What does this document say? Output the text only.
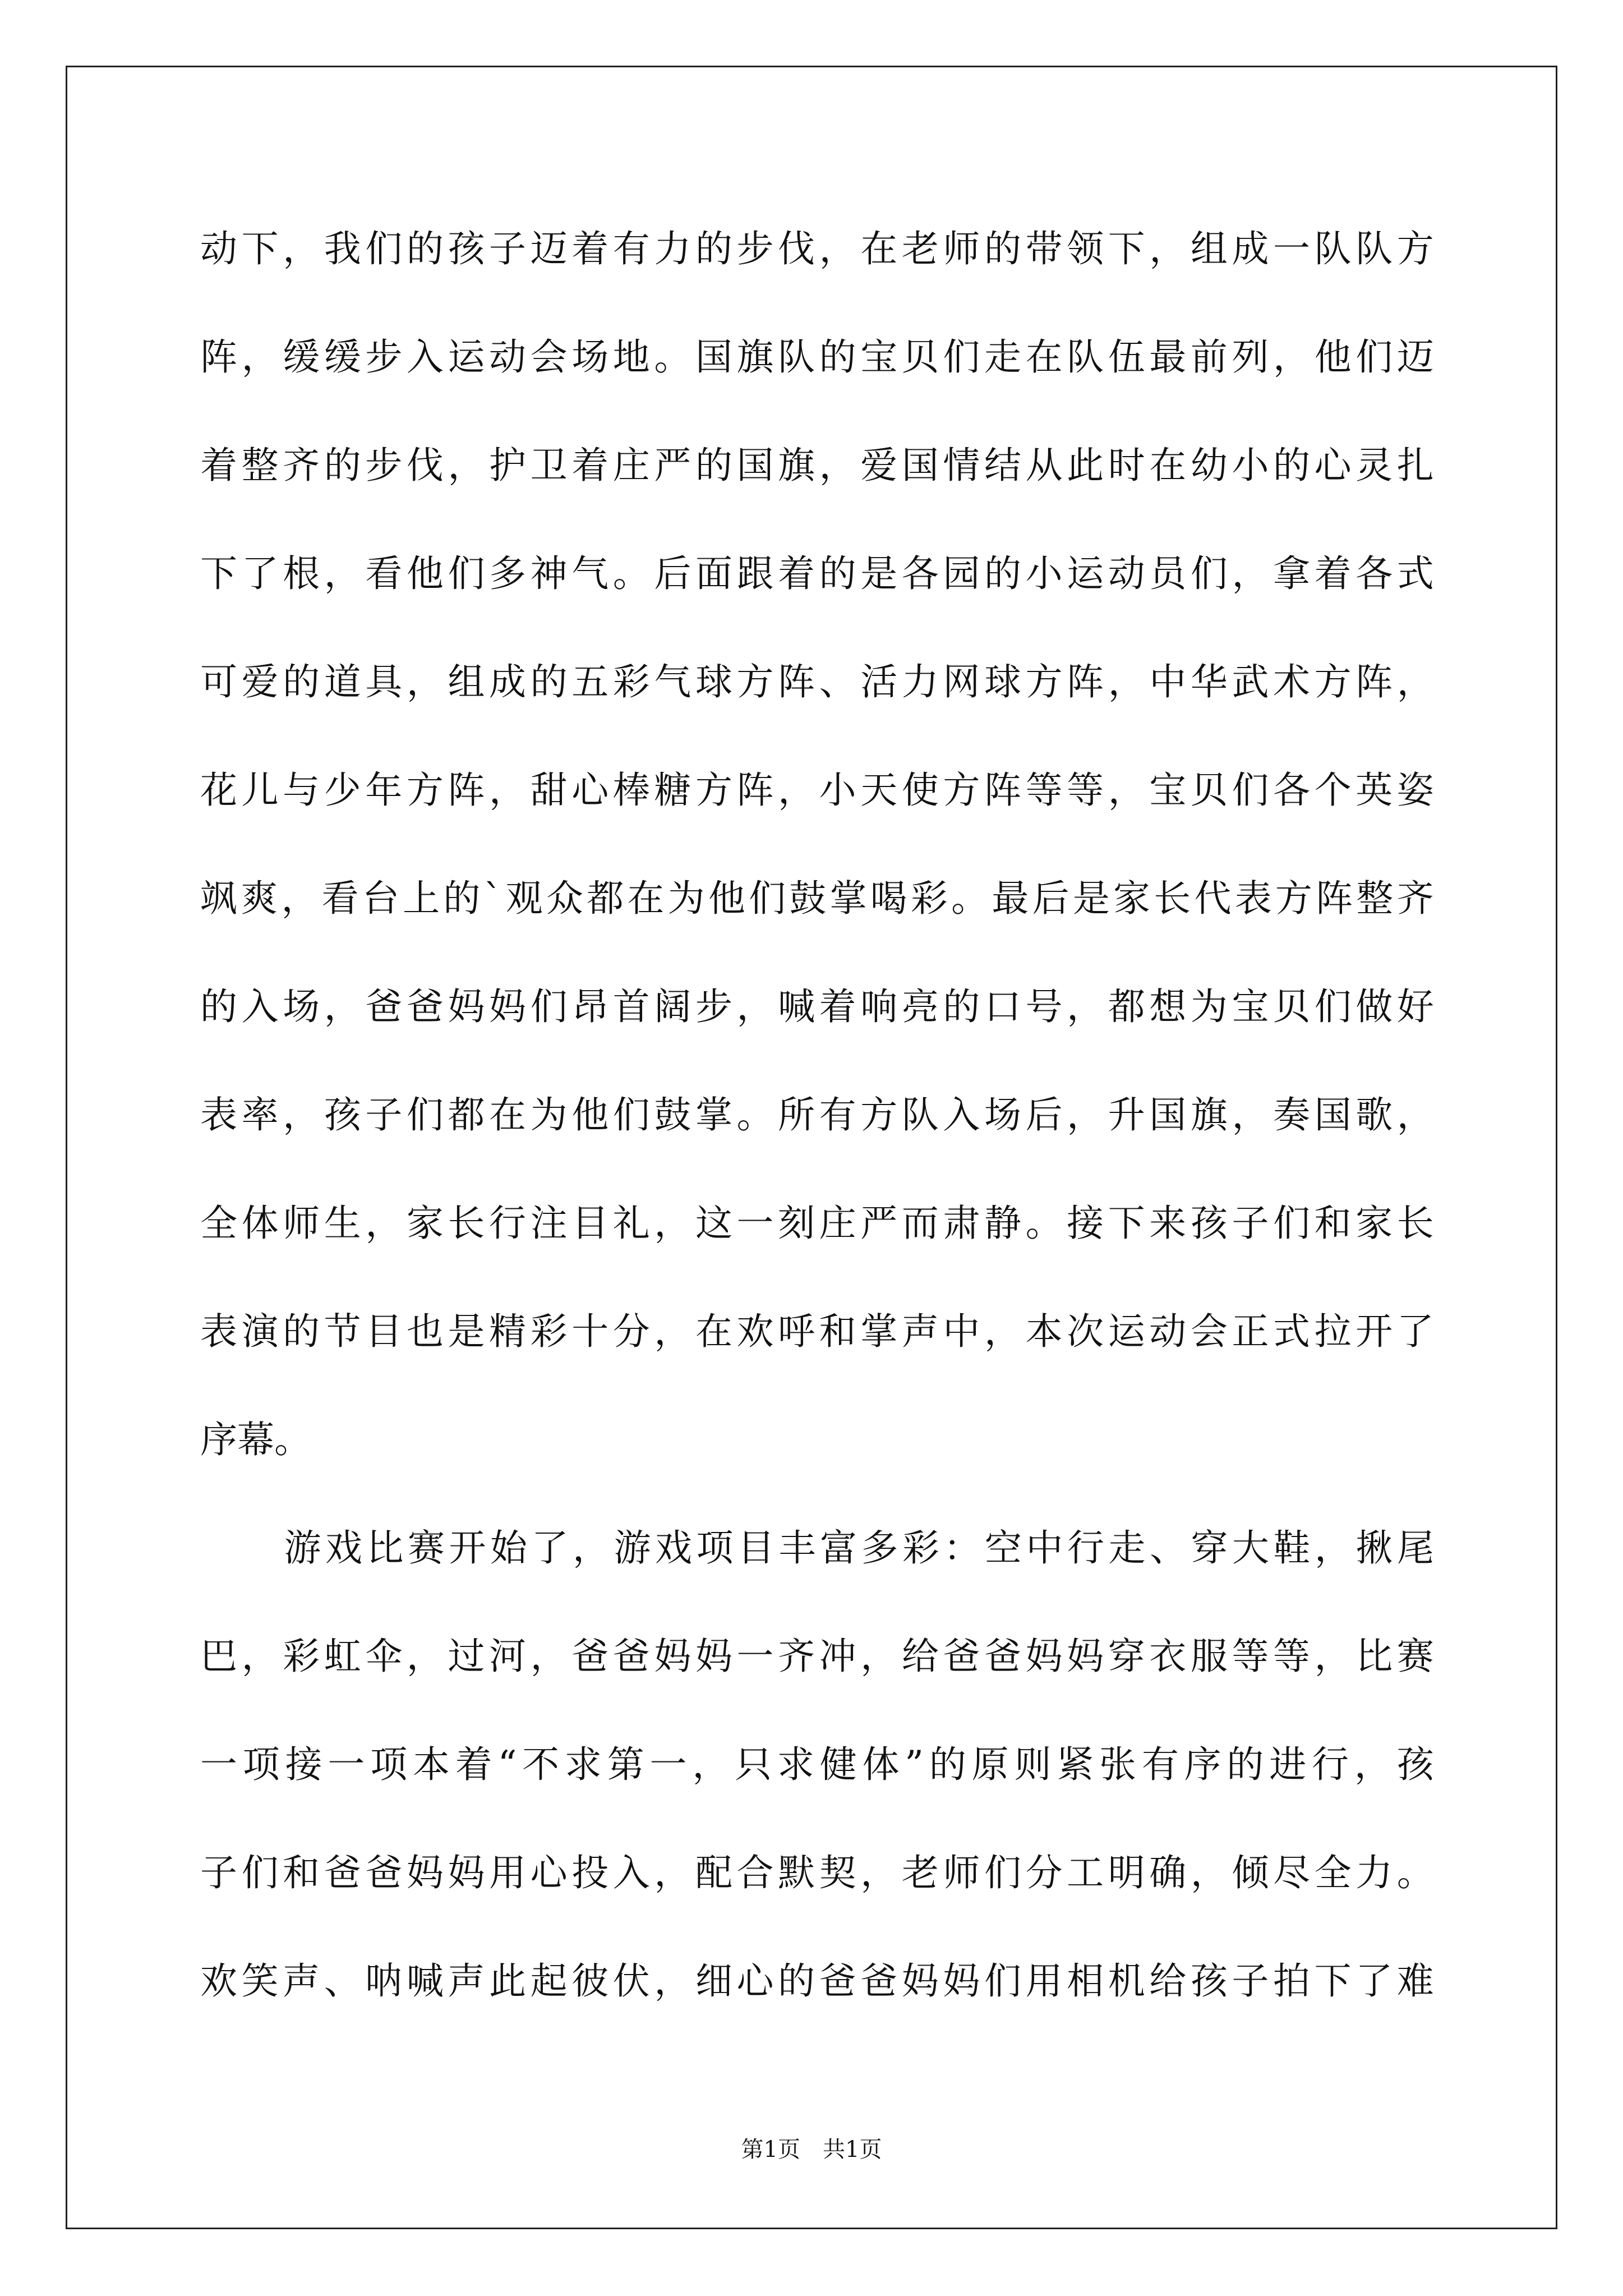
动 下 ， 我 们 的 孩 子 迈 着 有 力 的 步 伐 ， 在 老 师 的 带 领 下 ， 组 成 一 队 队 方
阵 ， 缓 缓 步 入 运 动 会 场 地 。 国 旗 队 的 宝 贝 们 走 在 队 伍 最 前 列 ， 他 们 迈
着 整 齐 的 步 伐 ， 护 卫 着 庄 严 的 国 旗 ， 爱 国 情 结 从 此 时 在 幼 小 的 心 灵 扎
下 了 根 ， 看 他 们 多 神 气 。 后 面 跟 着 的 是 各 园 的 小 运 动 员 们 ， 拿 着 各 式
可 爱 的 道 具 ， 组 成 的 五 彩 气 球 方 阵 、 活 力 网 球 方 阵 ， 中 华 武 术 方 阵 ，
花 儿 与 少 年 方 阵 ， 甜 心 棒 糖 方 阵 ， 小 天 使 方 阵 等 等 ， 宝 贝 们 各 个 英 姿
飒 爽 ， 看 台 上 的 ` 观 众 都 在 为 他 们 鼓 掌 喝 彩 。 最 后 是 家 长 代 表 方 阵 整 齐
的 入 场 ， 爸 爸 妈 妈 们 昂 首 阔 步 ， 喊 着 响 亮 的 口 号 ， 都 想 为 宝 贝 们 做 好
表 率 ， 孩 子 们 都 在 为 他 们 鼓 掌 。 所 有 方 队 入 场 后 ， 升 国 旗 ， 奏 国 歌 ，
全 体 师 生 ， 家 长 行 注 目 礼 ， 这 一 刻 庄 严 而 肃 静 。 接 下 来 孩 子 们 和 家 长
表 演 的 节 目 也 是 精 彩 十 分 ， 在 欢 呼 和 掌 声 中 ， 本 次 运 动 会 正 式 拉 开 了
序幕。
游 戏 比 赛 开 始 了 ， 游 戏 项 目 丰 富 多 彩 ： 空 中 行 走 、 穿 大 鞋 ， 揪 尾
巴 ， 彩 虹 伞 ， 过 河 ， 爸 爸 妈 妈 一 齐 冲 ， 给 爸 爸 妈 妈 穿 衣 服 等 等 ， 比 赛
一 项 接 一 项 本 着 “ 不 求 第 一 ， 只 求 健 体 ” 的 原 则 紧 张 有 序 的 进 行 ， 孩
子 们 和 爸 爸 妈 妈 用 心 投 入 ， 配 合 默 契 ， 老 师 们 分 工 明 确 ， 倾 尽 全 力 。
欢 笑 声 、 呐 喊 声 此 起 彼 伏 ， 细 心 的 爸 爸 妈 妈 们 用 相 机 给 孩 子 拍 下 了 难
第1页　共1页
